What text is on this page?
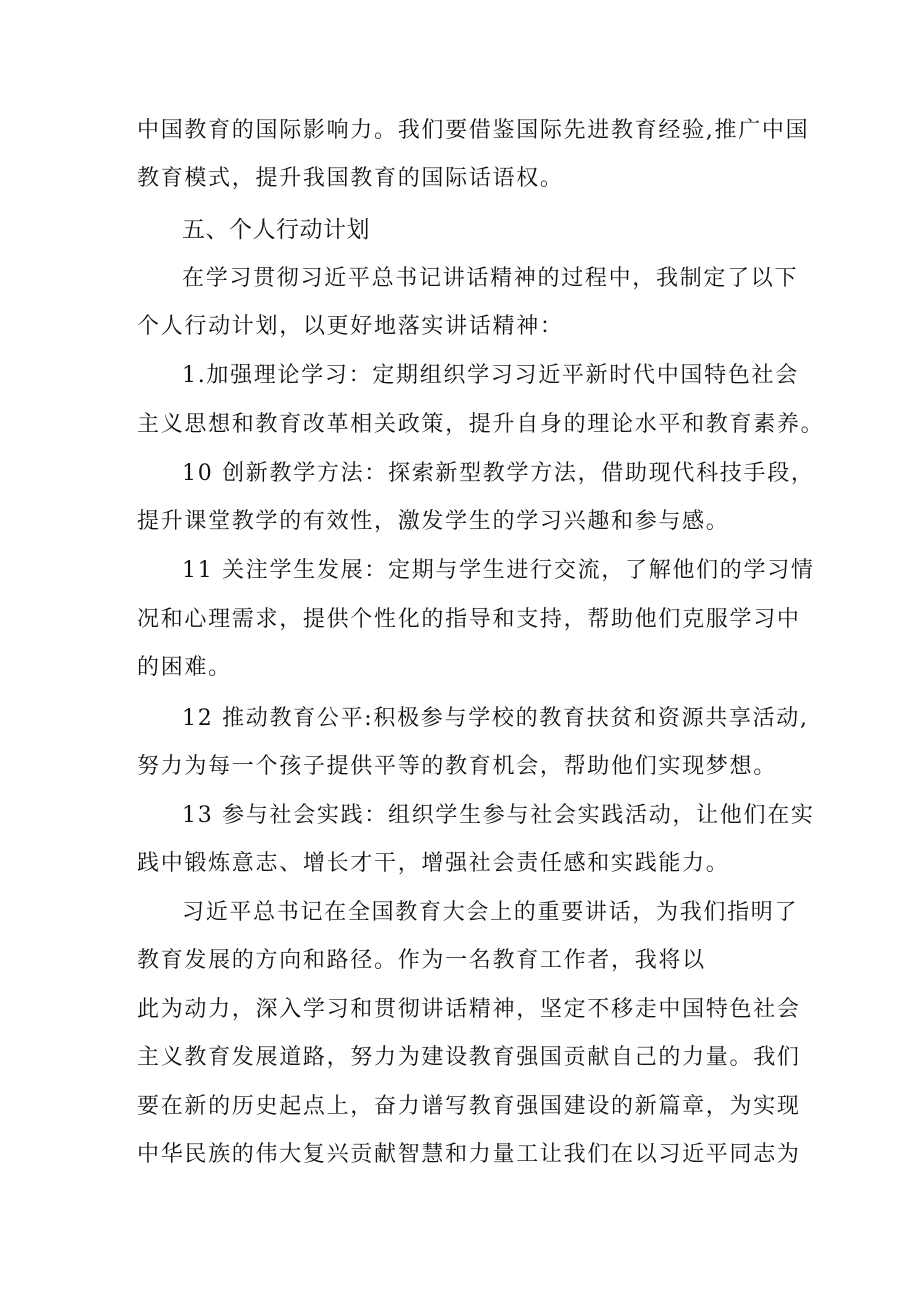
中国教育的国际影响力。我们要借鉴国际先进教育经验,推广中国
教育模式，提升我国教育的国际话语权。
五、个人行动计划
在学习贯彻习近平总书记讲话精神的过程中，我制定了以下
个人行动计划，以更好地落实讲话精神：
1.加强理论学习：定期组织学习习近平新时代中国特色社会
主义思想和教育改革相关政策，提升自身的理论水平和教育素养。
10 创新教学方法：探索新型教学方法，借助现代科技手段，
提升课堂教学的有效性，激发学生的学习兴趣和参与感。
11 关注学生发展：定期与学生进行交流，了解他们的学习情
况和心理需求，提供个性化的指导和支持，帮助他们克服学习中
的困难。
12 推动教育公平:积极参与学校的教育扶贫和资源共享活动,
努力为每一个孩子提供平等的教育机会，帮助他们实现梦想。
13 参与社会实践：组织学生参与社会实践活动，让他们在实
践中锻炼意志、增长才干，增强社会责任感和实践能力。
习近平总书记在全国教育大会上的重要讲话，为我们指明了
教育发展的方向和路径。作为一名教育工作者，我将以
此为动力，深入学习和贯彻讲话精神，坚定不移走中国特色社会
主义教育发展道路，努力为建设教育强国贡献自己的力量。我们
要在新的历史起点上，奋力谱写教育强国建设的新篇章，为实现
中华民族的伟大复兴贡献智慧和力量工让我们在以习近平同志为
